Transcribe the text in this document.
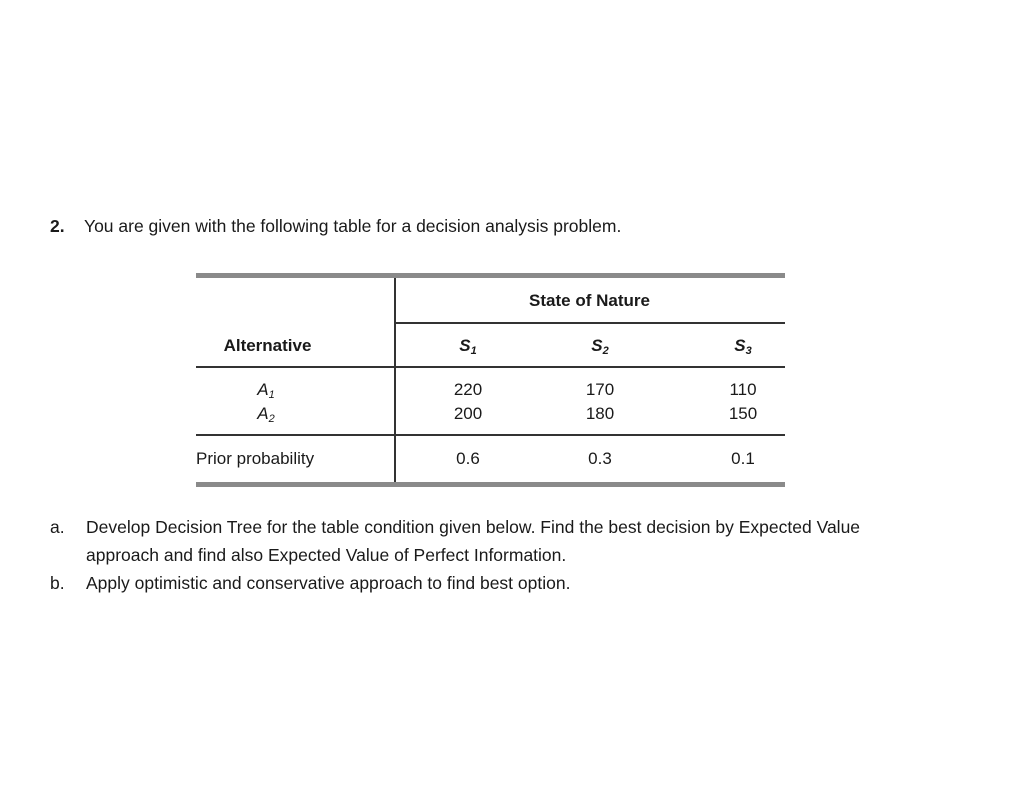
2. You are given with the following table for a decision analysis problem.
State of Nature
Alternative	$S_1$	$S_2$	$S_3$
$A_1$	220	170	110
$A_2$	200	180	150
Prior probability	0.6	0.3	0.1
a. Develop Decision Tree for the table condition given below. Find the best decision by Expected Value approach and find also Expected Value of Perfect Information.
b. Apply optimistic and conservative approach to find best option.
